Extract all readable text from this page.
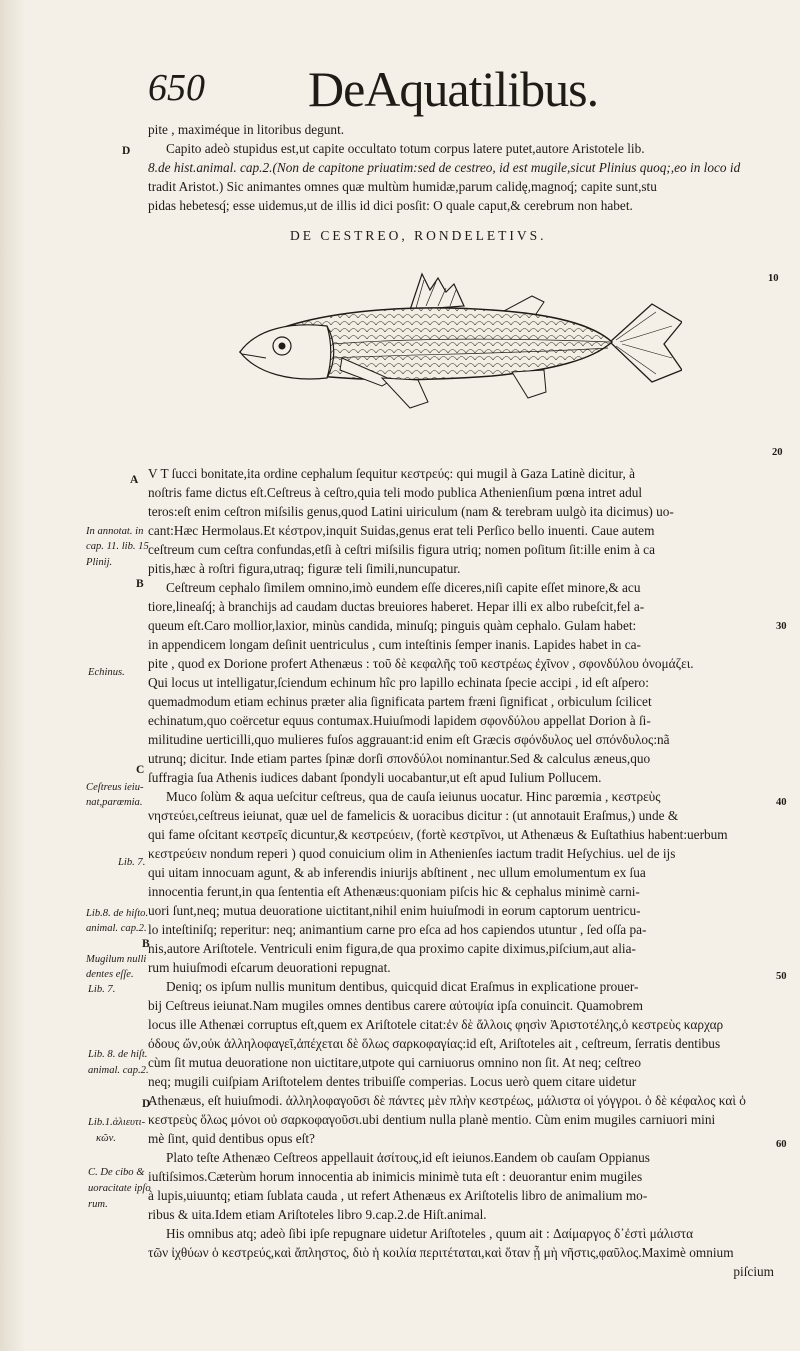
650 DeAquatilibus.

pite , maximéque in litoribus degunt.

Capito adeò stupidus est,ut capite occultato totum corpus latere putet,autore Aristotele lib.

8.de hist.animal. cap.2.(Non de capitone priuatim:sed de cestreo, id est mugile,sicut Plinius quoq;,eo in loco id

tradit Aristot.) Sic animantes omnes quæ multùm humidæ,parum calidę,magnoq́; capite sunt,stu

pidas hebetesq́; esse uidemus,ut de illis id dici posſit: O quale caput,& cerebrum non habet.

DE CESTREO, RONDELETIVS.

V T ſucci bonitate,ita ordine cephalum ſequitur κεστρεύς: qui mugil à Gaza Latinè dicitur, à

noſtris fame dictus eſt.Ceſtreus à ceſtro,quia teli modo publica Athenienſium pœna intret adul

teros:eſt enim ceſtron miſsilis genus,quod Latini uiriculum (nam & terebram uulgò ita dicimus) uo-

cant:Hæc Hermolaus.Et κέστρον,inquit Suidas,genus erat teli Perſico bello inuenti. Caue autem

ceſtreum cum ceſtra confundas,etſi à ceſtri miſsilis figura utriq; nomen poſitum ſit:ille enim à ca

pitis,hæc à roſtri figura,utraq; figuræ teli ſimili,nuncupatur.

Ceſtreum cephalo ſimilem omnino,imò eundem eſſe diceres,niſi capite eſſet minore,& acu

tiore,lineaſq́; à branchijs ad caudam ductas breuiores haberet. Hepar illi ex albo rubeſcit,fel a-

queum eſt.Caro mollior,laxior, minùs candida, minuſq; pinguis quàm cephalo. Gulam habet:

in appendicem longam deſinit uentriculus , cum inteſtinis ſemper inanis. Lapides habet in ca-

pite , quod ex Dorione profert Athenæus : τοῦ δὲ κεφαλῆς τοῦ κεστρέως ἐχῖνον , σφονδύλου ὀνομάζει.

Qui locus ut intelligatur,ſciendum echinum hîc pro lapillo echinata ſpecie accipi , id eſt aſpero:

quemadmodum etiam echinus præter alia ſignificata partem fræni ſignificat , orbiculum ſcilicet

echinatum,quo coërcetur equus contumax.Huiuſmodi lapidem σφονδύλου appellat Dorion à ſi-

militudine uerticilli,quo mulieres fuſos aggrauant:id enim eſt Græcis σφόνδυλος uel σπόνδυλος:nã

utrunq; dicitur. Inde etiam partes ſpinæ dorſi σπονδύλοι nominantur.Sed & calculus æneus,quo

ſuffragia ſua Athenis iudices dabant ſpondyli uocabantur,ut eſt apud Iulium Pollucem.

Muco ſolùm & aqua ueſcitur ceſtreus, qua de cauſa ieiunus uocatur. Hinc parœmia , κεστρεὺς

νηστεύει,ceſtreus ieiunat, quæ uel de famelicis & uoracibus dicitur : (ut annotauit Eraſmus,) unde &

qui fame oſcitant κεστρεῖς dicuntur,& κεστρεύειν, (fortè κεστρῖνοι, ut Athenæus & Euſtathius habent:uerbum

κεστρεύειν nondum reperi ) quod conuicium olim in Athenienſes iactum tradit Heſychius. uel de ijs

qui uitam innocuam agunt, & ab inferendis iniurijs abſtinent , nec ullum emolumentum ex ſua

innocentia ferunt,in qua ſententia eſt Athenæus:quoniam piſcis hic & cephalus minimè carni-

uori ſunt,neq; mutua deuoratione uictitant,nihil enim huiuſmodi in eorum captorum uentricu-

lo inteſtiniſq; reperitur: neq; animantium carne pro eſca ad hos capiendos utuntur , ſed oſſa pa-

nis,autore Ariſtotele. Ventriculi enim figura,de qua proximo capite diximus,piſcium,aut alia-

rum huiuſmodi eſcarum deuorationi repugnat.

Deniq; os ipſum nullis munitum dentibus, quicquid dicat Eraſmus in explicatione prouer-

bij Ceſtreus ieiunat.Nam mugiles omnes dentibus carere αὐτοψία ipſa conuincit. Quamobrem

locus ille Athenæi corruptus eſt,quem ex Ariſtotele citat:ἐν δὲ ἄλλοις φησὶν Ἀριστοτέλης,ὁ κεστρεὺς καρχαρ

όδους ὤν,οὐκ ἀλληλοφαγεῖ,ἀπέχεται δὲ ὅλως σαρκοφαγίας:id eſt, Ariſtoteles ait , ceſtreum, ſerratis dentibus

cùm ſit mutua deuoratione non uictitare,utpote qui carniuorus omnino non ſit. At neq; ceſtreo

neq; mugili cuiſpiam Ariſtotelem dentes tribuiſſe comperias. Locus uerò quem citare uidetur

Athenæus, eſt huiuſmodi. ἀλληλοφαγοῦσι δὲ πάντες μὲν πλὴν κεστρέως, μάλιστα οἱ γόγγροι. ὁ δὲ κέφαλος καὶ ὁ

κεστρεὺς ὅλως μόνοι οὐ σαρκοφαγοῦσι.ubi dentium nulla planè mentio. Cùm enim mugiles carniuori mini

mè ſint, quid dentibus opus eſt?

Plato teſte Athenæo Ceſtreos appellauit ἀσίτους,id eſt ieiunos.Eandem ob cauſam Oppianus

iuſtiſsimos.Cæterùm horum innocentia ab inimicis minimè tuta eſt : deuorantur enim mugiles

à lupis,uiuuntq; etiam ſublata cauda , ut refert Athenæus ex Ariſtotelis libro de animalium mo-

ribus & uita.Idem etiam Ariſtoteles libro 9.cap.2.de Hiſt.animal.

His omnibus atq; adeò ſibi ipſe repugnare uidetur Ariſtoteles , quum ait : Δαίμαργος δ᾽ἐστὶ μάλιστα

τῶν ἰχθύων ὁ κεστρεύς,καὶ ἄπληστος, διὸ ἡ κοιλία περιτέταται,καὶ ὅταν ᾖ μὴ νῆστις,φαῦλος.Maximè omnium

piſcium

D
A
B
C
B
D
In annotat. in
cap. 11. lib. 15.
Plinij.
Echinus.
Ceſtreus ieiu-
nat,parœmia.
Lib. 7.
Lib.8. de hiſto.
animal. cap.2.
Mugilum nulli
dentes eſſe.
Lib. 7.
Lib. 8. de hiſt.
animal. cap.2.
Lib.1.ἁλιευτι-
κῶν.
C. De cibo &
uoracitate ipſo
rum.
10
20
30
40
50
60
